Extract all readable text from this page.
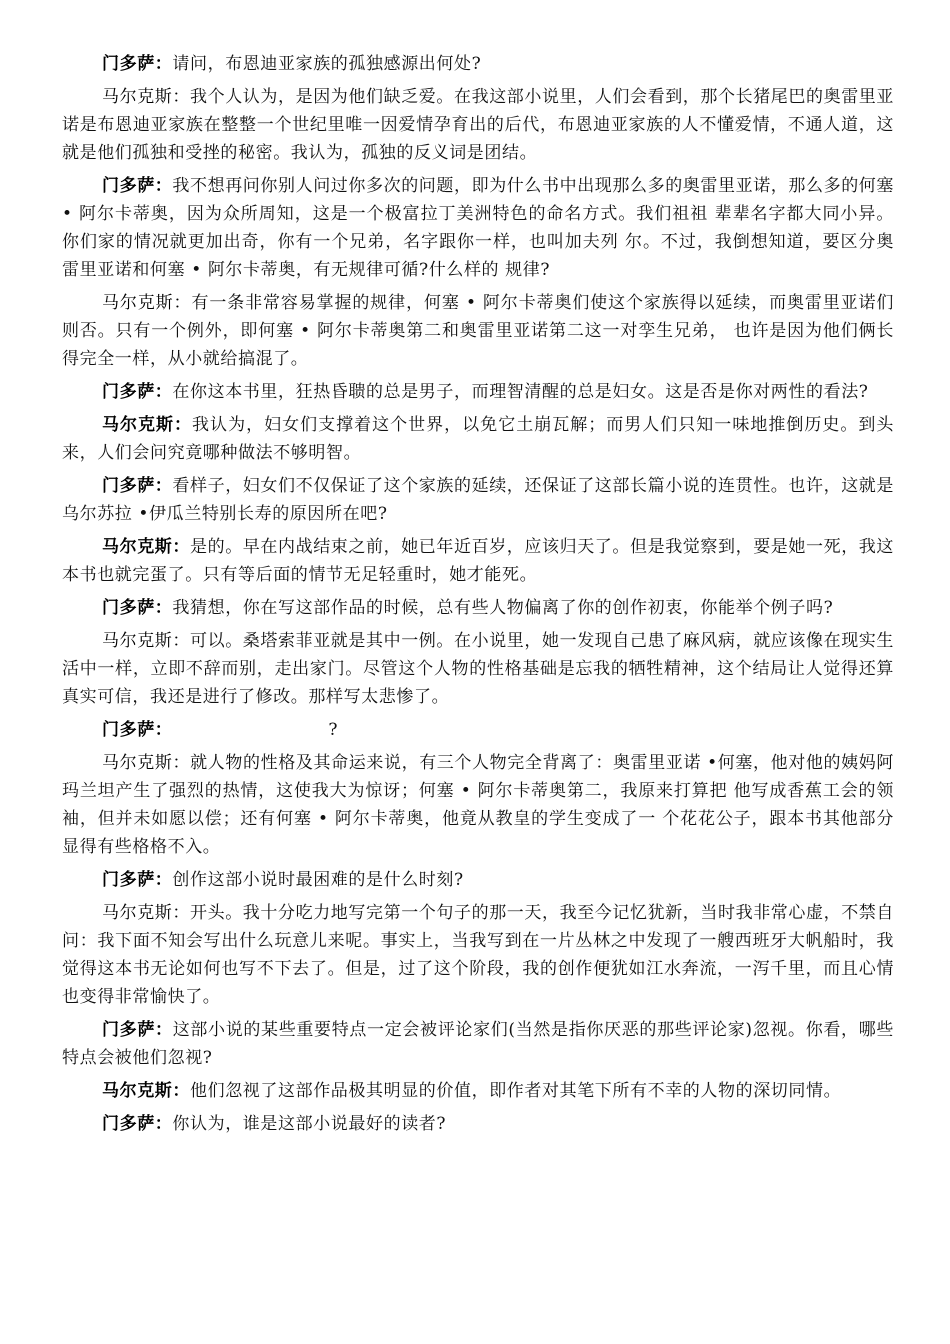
门多萨：请问，布恩迪亚家族的孤独感源出何处?

马尔克斯：我个人认为，是因为他们缺乏爱。在我这部小说里，人们会看到，那个长猪尾巴的奥雷里亚诺是布恩迪亚家族在整整一个世纪里唯一因爱情孕育出的后代，布恩迪亚家族的人不懂爱情，不通人道，这就是他们孤独和受挫的秘密。我认为，孤独的反义词是团结。

门多萨：我不想再问你别人问过你多次的问题，即为什么书中出现那么多的奥雷里亚诺，那么多的何塞 • 阿尔卡蒂奥，因为众所周知，这是一个极富拉丁美洲特色的命名方式。我们祖祖 辈辈名字都大同小异。你们家的情况就更加出奇，你有一个兄弟，名字跟你一样，也叫加夫列 尔。不过，我倒想知道，要区分奥雷里亚诺和何塞 • 阿尔卡蒂奥，有无规律可循?什么样的 规律?

马尔克斯：有一条非常容易掌握的规律，何塞 • 阿尔卡蒂奥们使这个家族得以延续，而奥雷里亚诺们则否。只有一个例外，即何塞 • 阿尔卡蒂奥第二和奥雷里亚诺第二这一对孪生兄弟， 也许是因为他们俩长得完全一样，从小就给搞混了。

门多萨：在你这本书里，狂热昏聩的总是男子，而理智清醒的总是妇女。这是否是你对两性的看法?

马尔克斯：我认为，妇女们支撑着这个世界，以免它土崩瓦解；而男人们只知一味地推倒历史。到头来，人们会问究竟哪种做法不够明智。

门多萨：看样子，妇女们不仅保证了这个家族的延续，还保证了这部长篇小说的连贯性。也许，这就是乌尔苏拉 •伊瓜兰特别长寿的原因所在吧?

马尔克斯：是的。早在内战结束之前，她已年近百岁，应该归天了。但是我觉察到，要是她一死，我这本书也就完蛋了。只有等后面的情节无足轻重时，她才能死。

门多萨：我猜想，你在写这部作品的时候，总有些人物偏离了你的创作初衷，你能举个例子吗?

马尔克斯：可以。桑塔索菲亚就是其中一例。在小说里，她一发现自己患了麻风病，就应该像在现实生活中一样，立即不辞而别，走出家门。尽管这个人物的性格基础是忘我的牺牲精神，这个结局让人觉得还算真实可信，我还是进行了修改。那样写太悲惨了。

门多萨：	?

马尔克斯：就人物的性格及其命运来说，有三个人物完全背离了：奥雷里亚诺 •何塞，他对他的姨妈阿玛兰坦产生了强烈的热情，这使我大为惊讶；何塞 • 阿尔卡蒂奥第二，我原来打算把 他写成香蕉工会的领袖，但并未如愿以偿；还有何塞 • 阿尔卡蒂奥，他竟从教皇的学生变成了一 个花花公子，跟本书其他部分显得有些格格不入。

门多萨：创作这部小说时最困难的是什么时刻?

马尔克斯：开头。我十分吃力地写完第一个句子的那一天，我至今记忆犹新，当时我非常心虚，不禁自问：我下面不知会写出什么玩意儿来呢。事实上，当我写到在一片丛林之中发现了一艘西班牙大帆船时，我觉得这本书无论如何也写不下去了。但是，过了这个阶段，我的创作便犹如江水奔流，一泻千里，而且心情也变得非常愉快了。

门多萨：这部小说的某些重要特点一定会被评论家们(当然是指你厌恶的那些评论家)忽视。你看，哪些特点会被他们忽视?

马尔克斯：他们忽视了这部作品极其明显的价值，即作者对其笔下所有不幸的人物的深切同情。

门多萨：你认为，谁是这部小说最好的读者?
